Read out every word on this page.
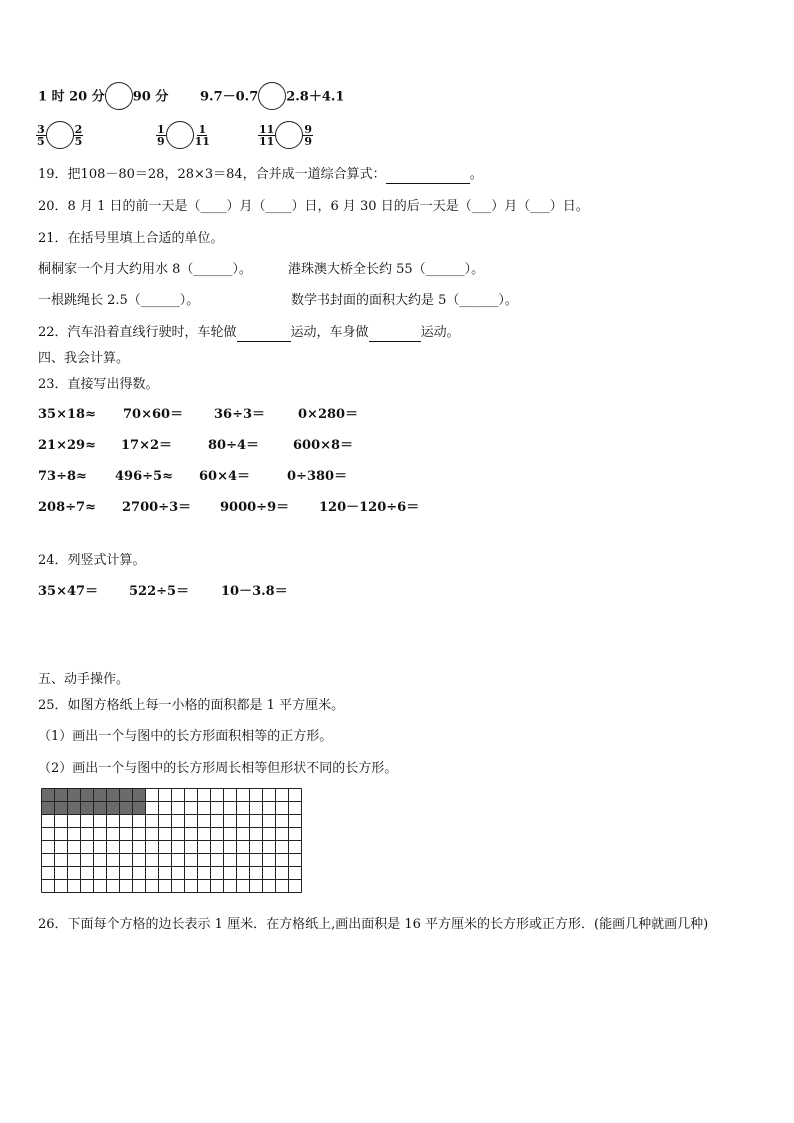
1 时 20 分 90 分 9.7－0.7 2.8＋4.1
$\frac{3}{5}$	$\frac{2}{5}$	$\frac{1}{9}$	$\frac{1}{11}$	$\frac{11}{11}$	$\frac{9}{9}$
19．把108－80＝28，28×3＝84，合并成一道综合算式：	。
20．8 月 1 日的前一天是（____）月（____）日，6 月 30 日的后一天是（___）月（___）日。
21．在括号里填上合适的单位。
桐桐家一个月大约用水 8（______）。	港珠澳大桥全长约 55（______）。
一根跳绳长 2.5（______）。	数学书封面的面积大约是 5（______）。
22．汽车沿着直线行驶时，车轮做	运动，车身做	运动。
四、我会计算。
23．直接写出得数。
35×18≈ 70×60＝ 36÷3＝	0×280＝
21×29≈ 17×2＝	80÷4＝	600×8＝
73÷8≈ 496÷5≈ 60×4＝	0÷380＝
208÷7≈ 2700÷3＝ 9000÷9＝ 120－120÷6＝
24．列竖式计算。
35×47＝ 522÷5＝ 10－3.8＝
五、动手操作。
25．如图方格纸上每一小格的面积都是 1 平方厘米。
（1）画出一个与图中的长方形面积相等的正方形。
（2）画出一个与图中的长方形周长相等但形状不同的长方形。
26．下面每个方格的边长表示 1 厘米．在方格纸上,画出面积是 16 平方厘米的长方形或正方形．(能画几种就画几种)
